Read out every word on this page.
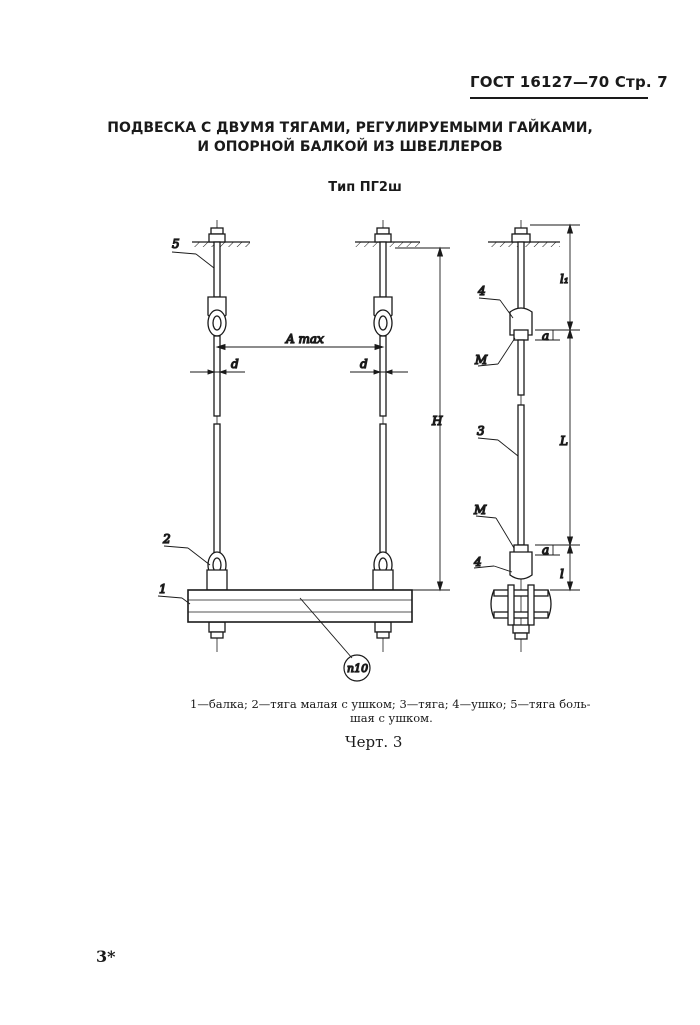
ГОСТ 16127—70 Стр. 7
ПОДВЕСКА С ДВУМЯ ТЯГАМИ, РЕГУЛИРУЕМЫМИ ГАЙКАМИ,
И ОПОРНОЙ БАЛКОЙ ИЗ ШВЕЛЛЕРОВ
Тип ПГ2ш
5
2
1
A max
d	d
H
4
M
3
M
4
l₁
a
L
a
l
п10
1—балка; 2—тяга малая с ушком; 3—тяга; 4—ушко; 5—тяга боль-
шая с ушком.
Черт. 3
3*
